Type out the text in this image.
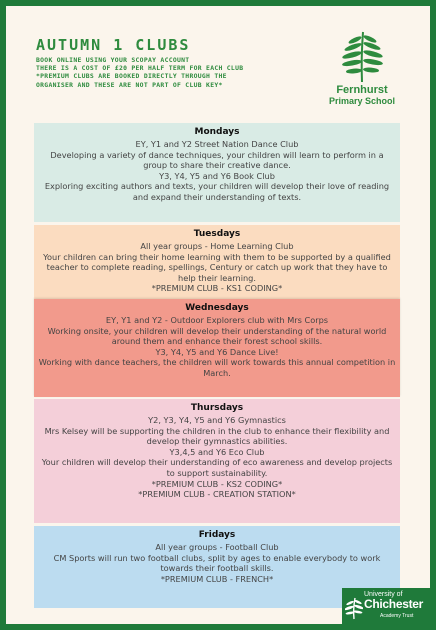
AUTUMN 1 CLUBS
BOOK ONLINE USING YOUR SCOPAY ACCOUNT
THERE IS A COST OF £20 PER HALF TERM FOR EACH CLUB
*PREMIUM CLUBS ARE BOOKED DIRECTLY THROUGH THE
ORGANISER AND THESE ARE NOT PART OF CLUB KEY*	Fernhurst
Primary School
Mondays

EY, Y1 and Y2 Street Nation Dance Club

Developing a variety of dance techniques, your children will learn to perform in a group to share their creative dance.

Y3, Y4, Y5 and Y6 Book Club

Exploring exciting authors and texts, your children will develop their love of reading and expand their understanding of texts.

Tuesdays

All year groups - Home Learning Club

Your children can bring their home learning with them to be supported by a qualified teacher to complete reading, spellings, Century or catch up work that they have to help their learning.

*PREMIUM CLUB - KS1 CODING*

Wednesdays

EY, Y1 and Y2 - Outdoor Explorers club with Mrs Corps

Working onsite, your children will develop their understanding of the natural world around them and enhance their forest school skills.

Y3, Y4, Y5 and Y6 Dance Live!

Working with dance teachers, the children will work towards this annual competition in March.

Thursdays

Y2, Y3, Y4, Y5 and Y6 Gymnastics

Mrs Kelsey will be supporting the children in the club to enhance their flexibility and develop their gymnastics abilities.

Y3,4,5 and Y6 Eco Club

Your children will develop their understanding of eco awareness and develop projects to support sustainability.

*PREMIUM CLUB - KS2 CODING*

*PREMIUM CLUB - CREATION STATION*

Fridays

All year groups - Football Club

CM Sports will run two football clubs, split by ages to enable everybody to work towards their football skills.

*PREMIUM CLUB - FRENCH*

University of
Chichester
Academy Trust
